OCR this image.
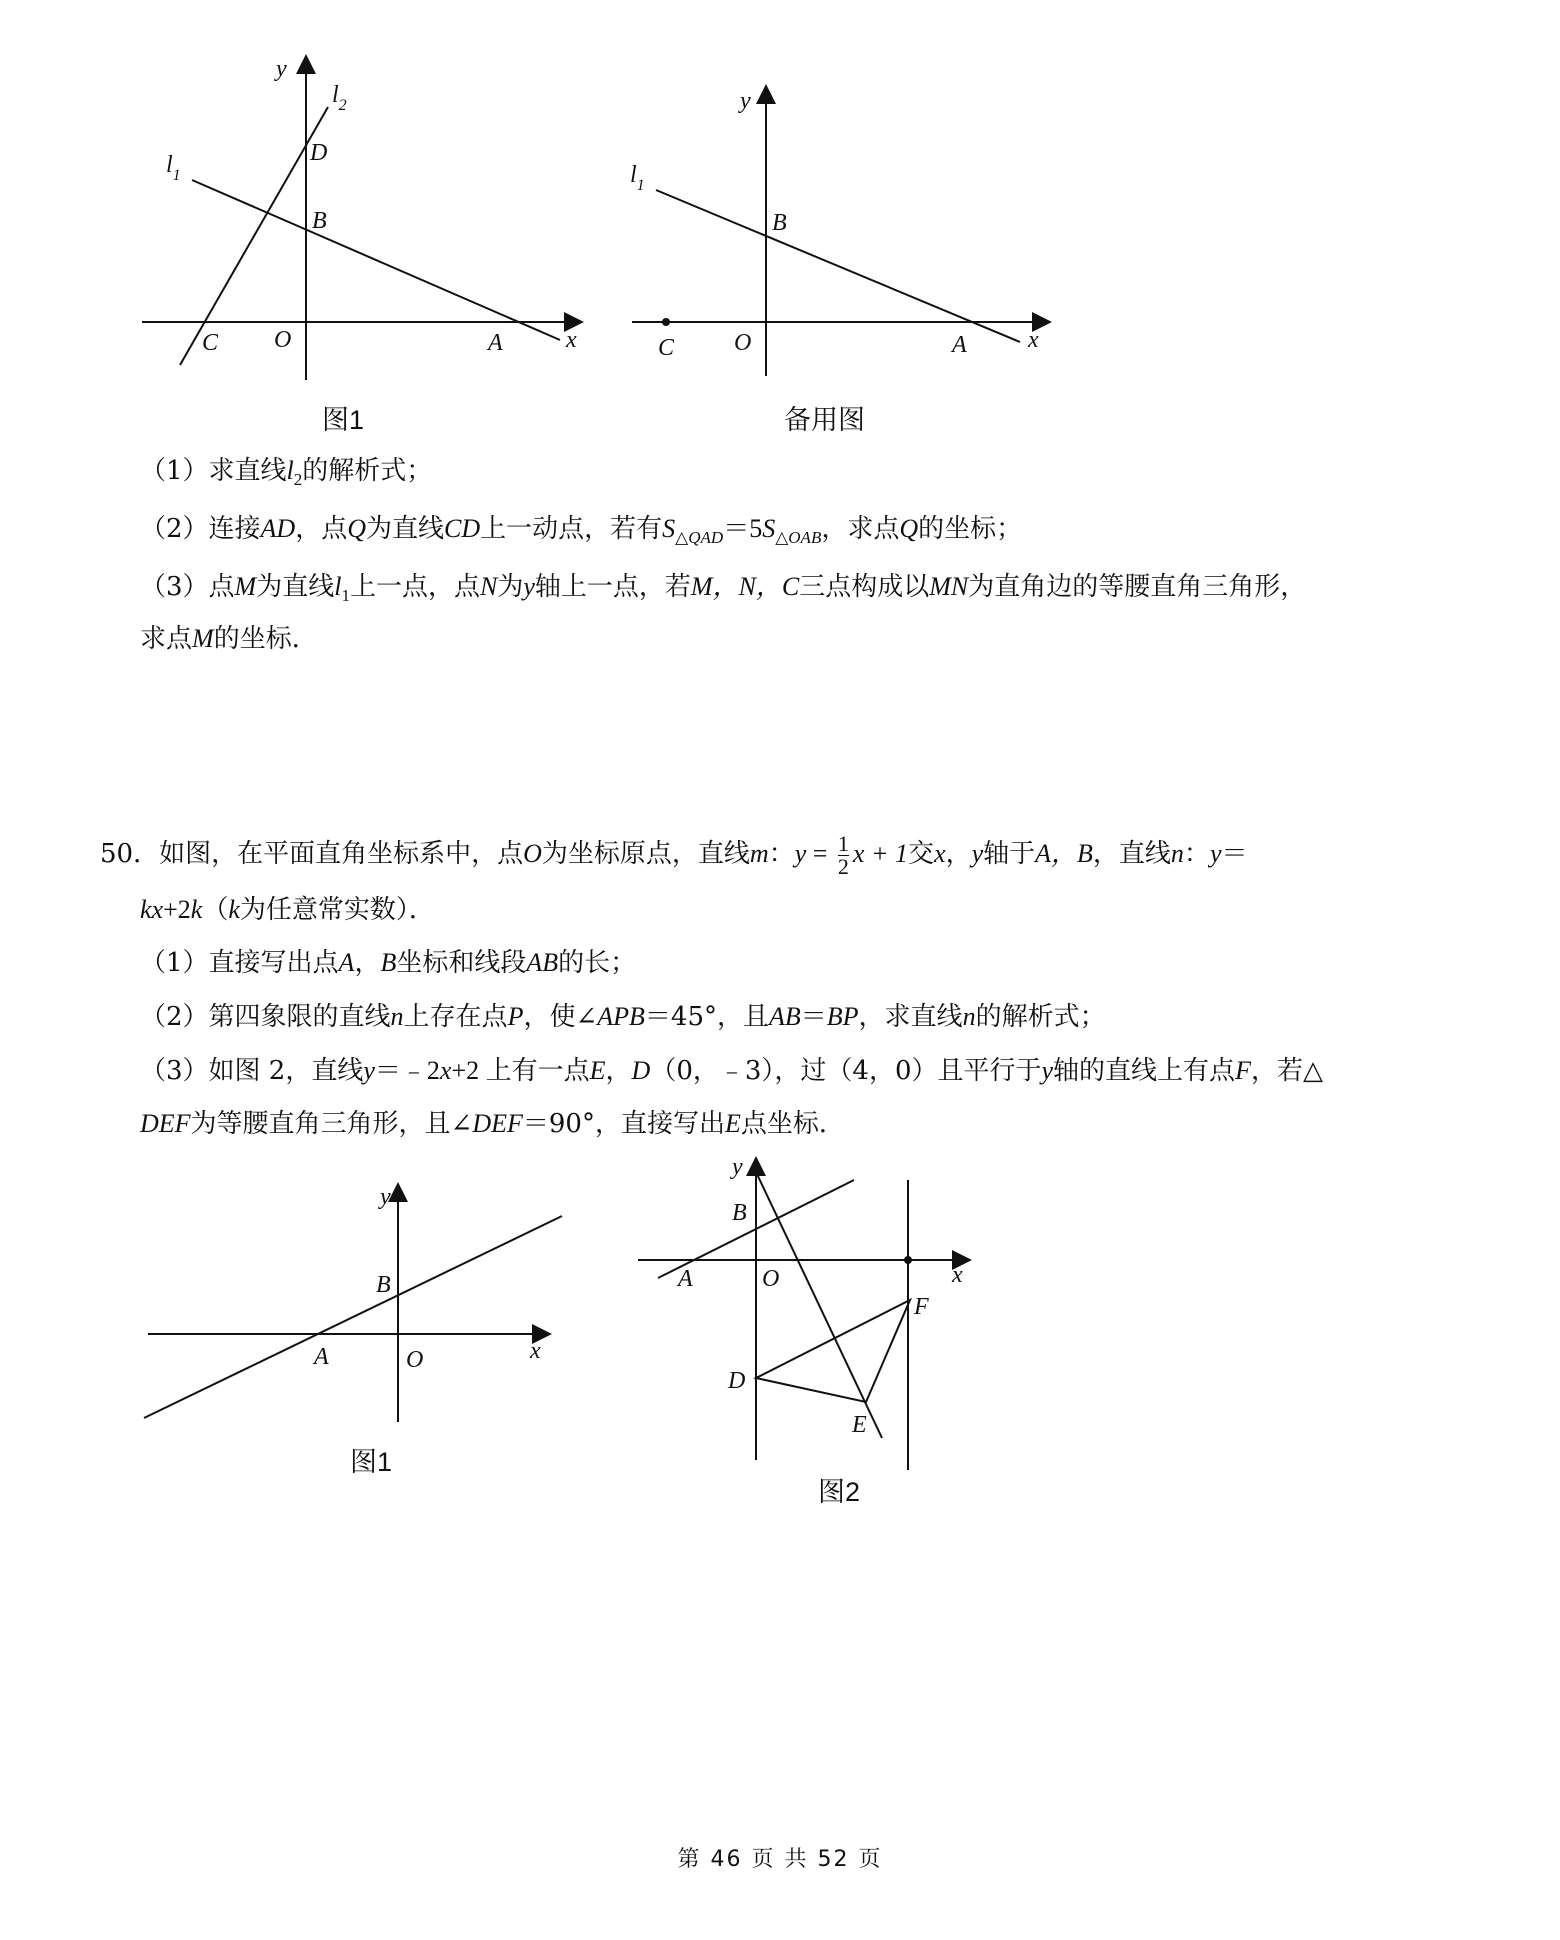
y
$l_2$
D
$l_1$
B
C O	A	x
图1
y
$l_1$
B
C O	A	x
备用图
（1）求直线$l_2$的解析式；
（2）连接AD，点Q为直线CD上一动点，若有$S_{\triangle QAD}=5S_{\triangle OAB}$，求点Q的坐标；
（3）点M为直线$l_1$上一点，点N为y轴上一点，若M，N，C三点构成以MN为直角边的等腰直角三角形，
求点M的坐标．
50．如图，在平面直角坐标系中，点O为坐标原点，直线m：$y = \frac{1}{2}$ x + 1交x，y轴于A，B，直线n：y＝
kx+2k（k为任意常实数）．
（1）直接写出点A，B坐标和线段AB的长；
（2）第四象限的直线n上存在点P，使∠APB＝45°，且AB＝BP，求直线n的解析式；
（3）如图 2，直线y＝﹣2x+2 上有一点E，D（0，﹣3），过（4，0）且平行于y轴的直线上有点F，若△
DEF为等腰直角三角形，且∠DEF＝90°，直接写出E点坐标．
y
B
A	O	x
图1
y
B
A	O	x
F
D
E
图2
第 46 页 共 52 页
